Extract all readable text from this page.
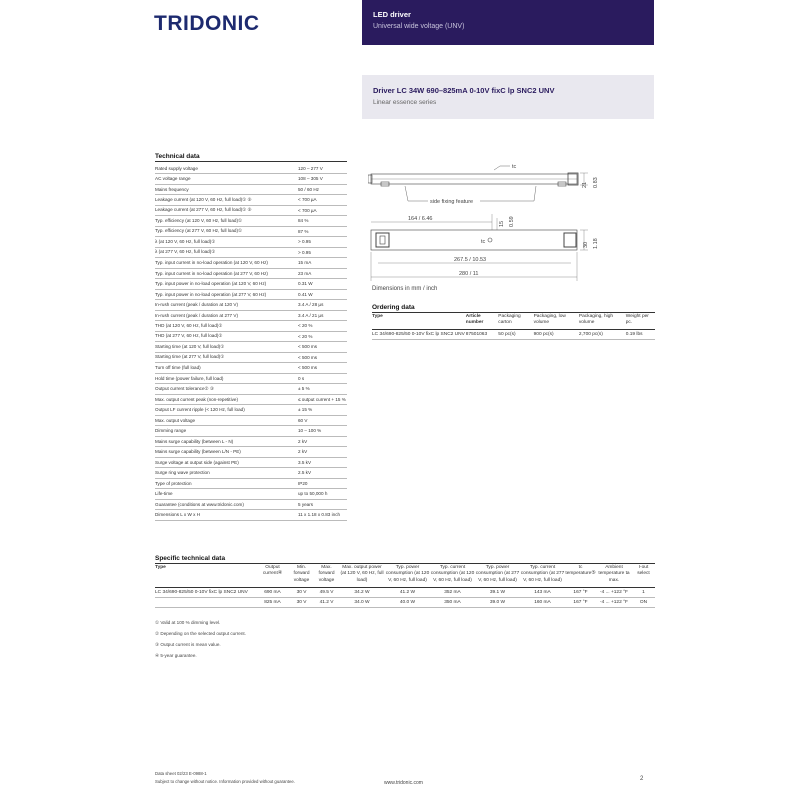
TRIDONIC	LED driver
Universal wide voltage (UNV)
Driver LC 34W 690–825mA 0-10V fixC lp SNC2 UNV
Linear essence series
Technical data
Rated supply voltage	120 – 277 V
AC voltage range	108 – 305 V
Mains frequency	50 / 60 Hz
Leakage current (at 120 V, 60 Hz, full load)① ⑤	< 700 µA
Leakage current (at 277 V, 60 Hz, full load)① ⑤	< 700 µA
Typ. efficiency (at 120 V, 60 Hz, full load)①	84 %
Typ. efficiency (at 277 V, 60 Hz, full load)①	87 %
λ (at 120 V, 60 Hz, full load)①	> 0.95
λ (at 277 V, 60 Hz, full load)①	> 0.95
Typ. input current in no-load operation (at 120 V, 60 Hz)	15 mA
Typ. input current in no-load operation (at 277 V, 60 Hz)	23 mA
Typ. input power in no-load operation (at 120 V, 60 Hz)	0.31 W
Typ. input power in no-load operation (at 277 V, 60 Hz)	0.41 W
In-rush current (peak / duration at 120 V)	3.4 A / 28 µs
In-rush current (peak / duration at 277 V)	3.4 A / 21 µs
THD (at 120 V, 60 Hz, full load)①	< 20 %
THD (at 277 V, 60 Hz, full load)①	< 20 %
Starting time (at 120 V, full load)①	< 500 ms
Starting time (at 277 V, full load)①	< 500 ms
Turn off time (full load)	< 500 ms
Hold time (power failure, full load)	0 s
Output current tolerance② ③	± 5 %
Max. output current peak (non-repetitive)	≤ output current + 15 %
Output LF current ripple (< 120 Hz, full load)	± 15 %
Max. output voltage	60 V
Dimming range	10 – 100 %
Mains surge capability (between L - N)	2 kV
Mains surge capability (between L/N - PE)	2 kV
Surge voltage at output side (against PE)	3.5 kV
Surge ring wave protection	2.5 kV
Type of protection	IP20
Life-time	up to 50,000 h
Guarantee (conditions at www.tridonic.com)	5 years
Dimensions L x W x H	11 x 1.18 x 0.83 inch
tc
side fixing feature
21 0.83
164 / 6.46
15 0.59
tc	30 1.18
267.5 / 10.53
280 / 11
Dimensions in mm / inch
Ordering data
Type	Article number	Packaging carton	Packaging, low volume	Packaging, high volume	Weight per pc.
LC 34/690-825/50 0-10V fixC lp SNC2 UNV	87501063	50 pc(s)	900 pc(s)	2,700 pc(s)	0.19 lbs
Specific technical data
Type	Output current④	Min. forward voltage	Max. forward voltage	Max. output power (at 120 V, 60 Hz, full load)	Typ. power consumption (at 120 V, 60 Hz, full load)	Typ. current consumption (at 120 V, 60 Hz, full load)	Typ. power consumption (at 277 V, 60 Hz, full load)	Typ. current consumption (at 277 V, 60 Hz, full load)	tc temperature⑤	Ambient temperature ta max.	I-out select
LC 34/690-825/50 0-10V fixC lp SNC2 UNV	690 mA	30 V	49.5 V	34.2 W	41.2 W	352 mA	39.1 W	143 mA	167 °F	-4 ... +122 °F	1
	825 mA	30 V	41.2 V	34.0 W	40.0 W	350 mA	39.0 W	160 mA	167 °F	-4 ... +122 °F	ON
① Valid at 100 % dimming level.
② Depending on the selected output current.
③ Output current is mean value.
④ 5-year guarantee.
Data sheet 02/23 E-0988-1
Subject to change without notice. Information provided without guarantee.	www.tridonic.com
2
